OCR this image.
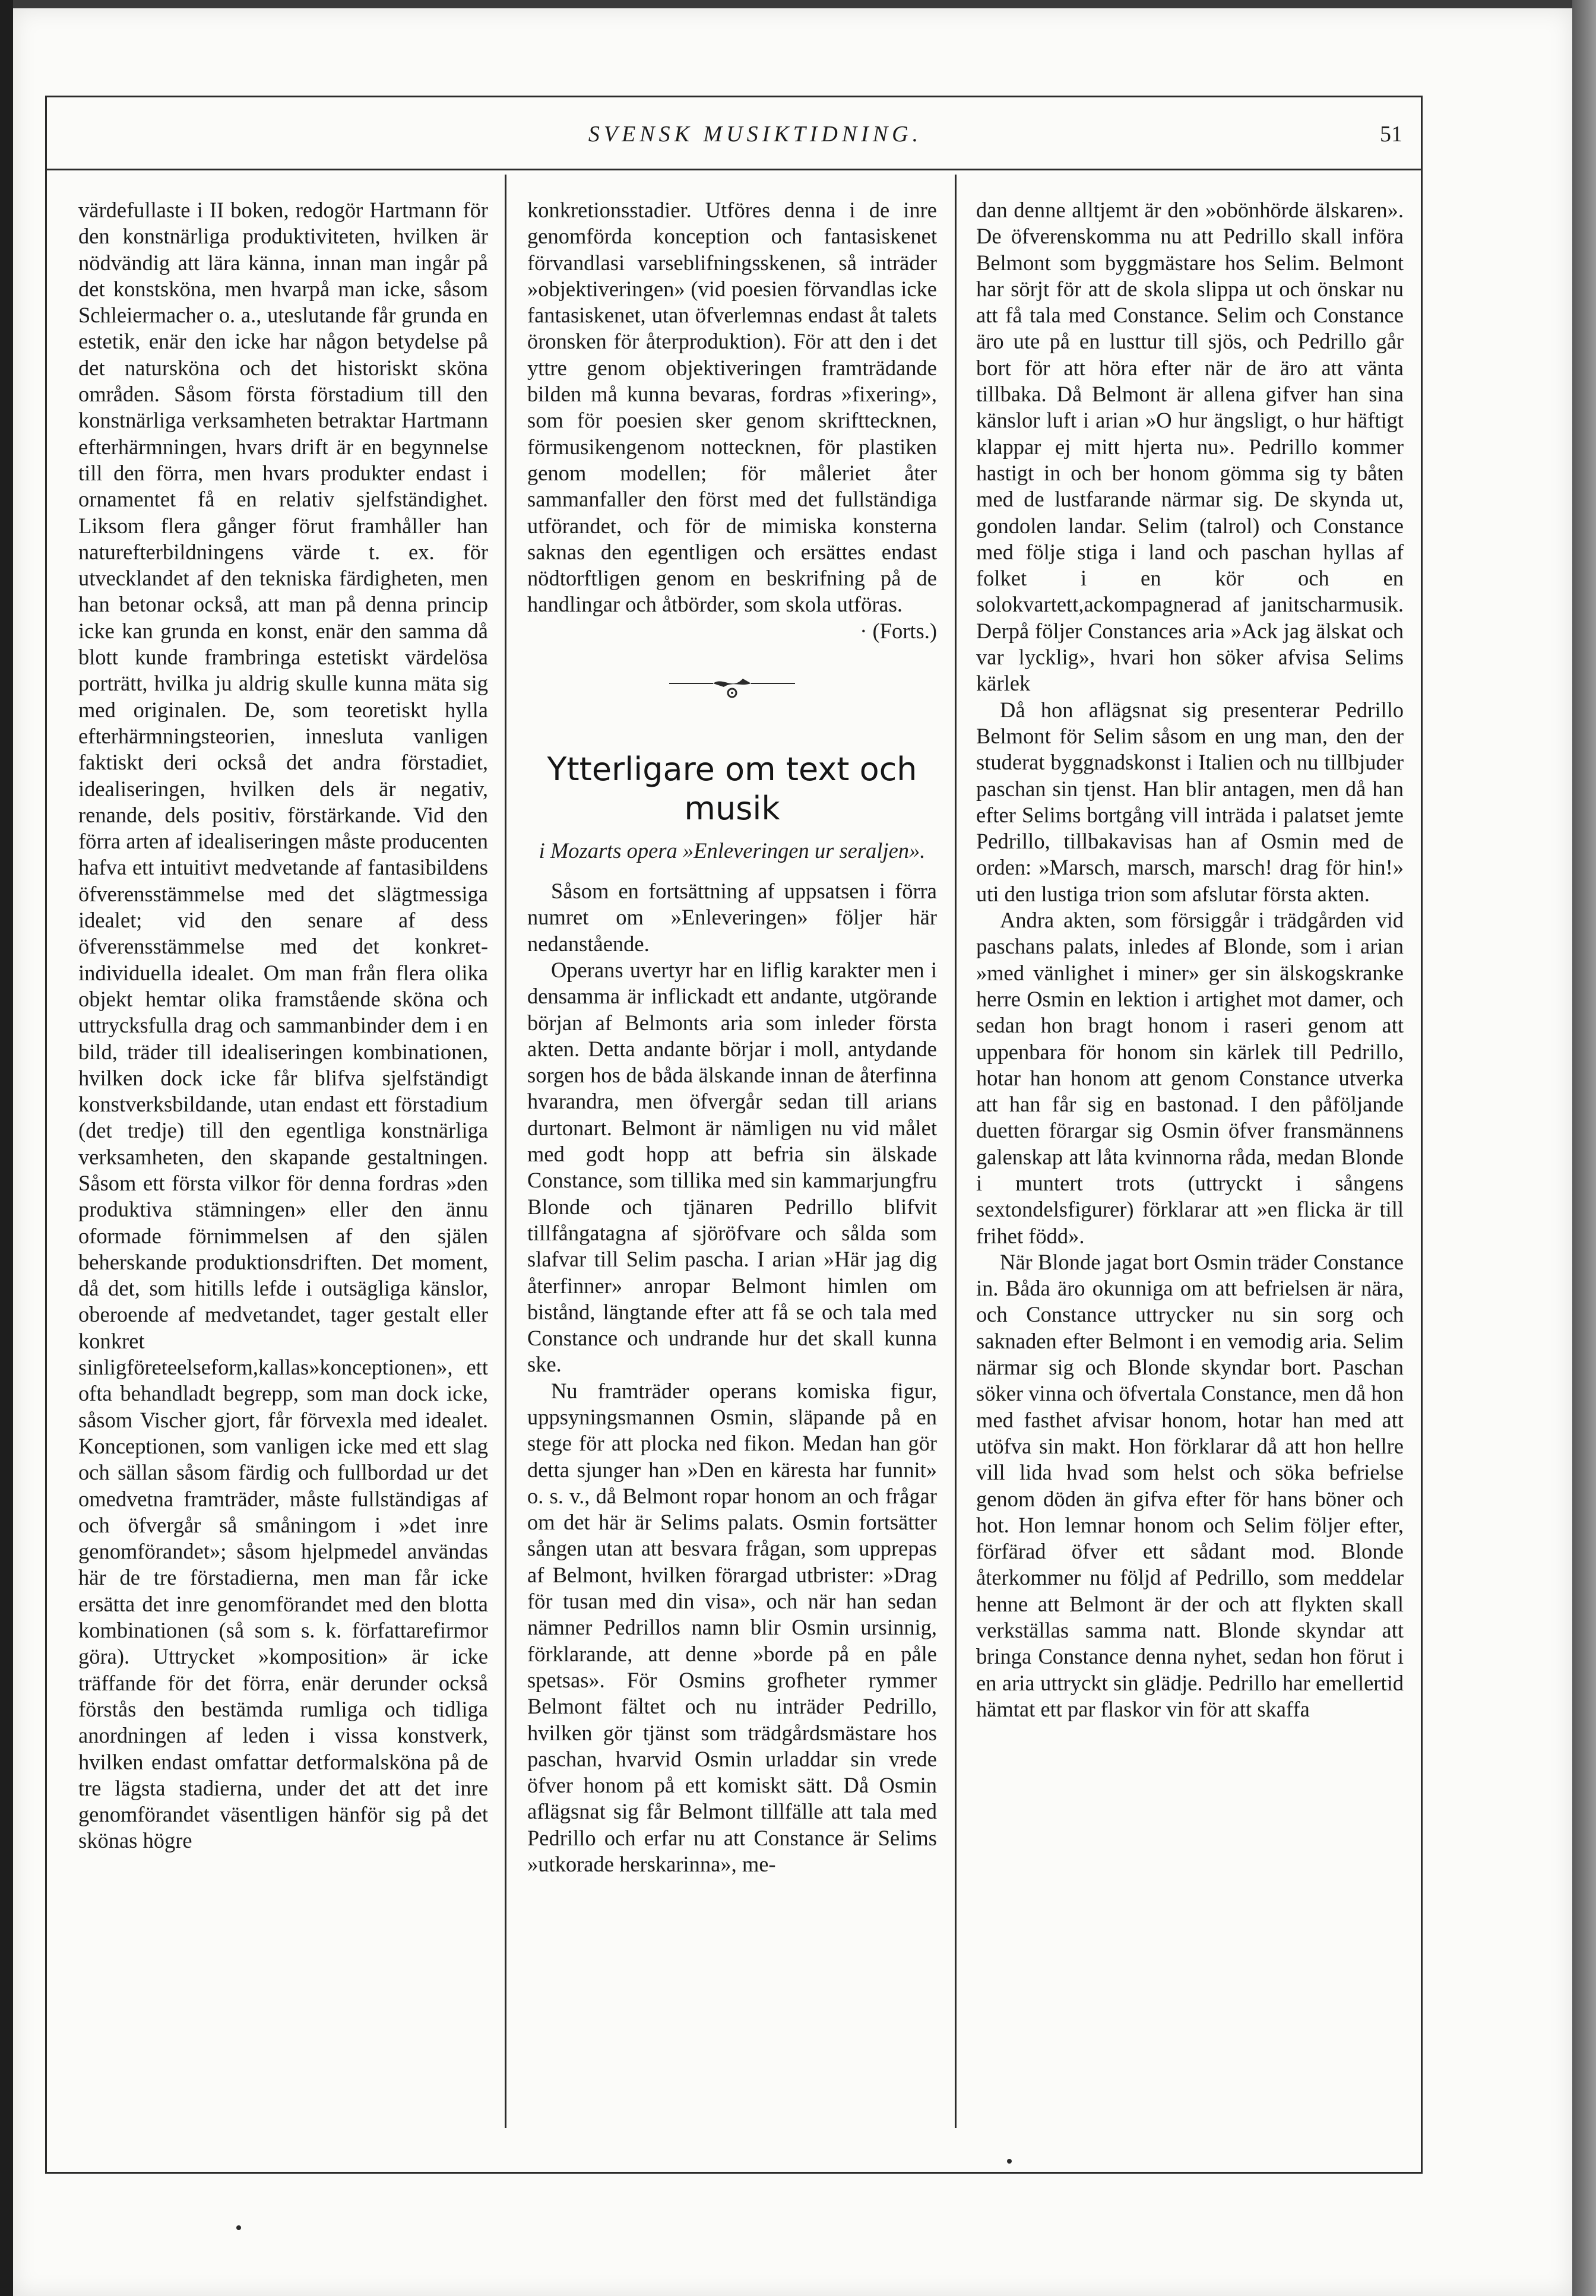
SVENSK MUSIKTIDNING.	51

värdefullaste i II boken, redogör Hartmann för den konstnärliga produktiviteten, hvilken är nödvändig att lära känna, innan man ingår på det konstsköna, men hvarpå man icke, såsom Schleiermacher o. a., uteslutande får grunda en estetik, enär den icke har någon betydelse på det natursköna och det historiskt sköna områden. Såsom första förstadium till den konstnärliga verksamheten betraktar Hartmann efterhärmningen, hvars drift är en begynnelse till den förra, men hvars produkter endast i ornamentet få en relativ sjelfständighet. Liksom flera gånger förut framhåller han naturefterbildningens värde t. ex. för utvecklandet af den tekniska färdigheten, men han betonar också, att man på denna princip icke kan grunda en konst, enär den samma då blott kunde frambringa estetiskt värdelösa porträtt, hvilka ju aldrig skulle kunna mäta sig med originalen. De, som teoretiskt hylla efterhärmningsteorien, innesluta vanligen faktiskt deri också det andra förstadiet, idealiseringen, hvilken dels är negativ, renande, dels positiv, förstärkande. Vid den förra arten af idealiseringen måste producenten hafva ett intuitivt medvetande af fantasibildens öfverensstämmelse med det slägtmessiga idealet; vid den senare af dess öfverensstämmelse med det konkret-individuella idealet. Om man från flera olika objekt hemtar olika framstående sköna och uttrycksfulla drag och sammanbinder dem i en bild, träder till idealiseringen kombinationen, hvilken dock icke får blifva sjelfständigt konstverksbildande, utan endast ett förstadium (det tredje) till den egentliga konstnärliga verksamheten, den skapande gestaltningen. Såsom ett första vilkor för denna fordras »den produktiva stämningen» eller den ännu oformade förnimmelsen af den själen beherskande produktionsdriften. Det moment, då det, som hitills lefde i outsägliga känslor, oberoende af medvetandet, tager gestalt eller konkret sinligföreteelseform,kallas»konceptionen», ett ofta behandladt begrepp, som man dock icke, såsom Vischer gjort, får förvexla med idealet. Konceptionen, som vanligen icke med ett slag och sällan såsom färdig och fullbordad ur det omedvetna framträder, måste fullständigas af och öfvergår så småningom i »det inre genomförandet»; såsom hjelpmedel användas här de tre förstadierna, men man får icke ersätta det inre genomförandet med den blotta kombinationen (så som s. k. författarefirmor göra). Uttrycket »komposition» är icke träffande för det förra, enär derunder också förstås den bestämda rumliga och tidliga anordningen af leden i vissa konstverk, hvilken endast omfattar detformalsköna på de tre lägsta stadierna, under det att det inre genomförandet väsentligen hänför sig på det skönas högre

konkretionsstadier. Utföres denna i de inre genomförda konception och fantasiskenet förvandlasi varseblifningsskenen, så inträder »objektiveringen» (vid poesien förvandlas icke fantasiskenet, utan öfverlemnas endast åt talets öronsken för återproduktion). För att den i det yttre genom objektiveringen framträdande bilden må kunna bevaras, fordras »fixering», som för poesien sker genom skrifttecknen, förmusikengenom nottecknen, för plastiken genom modellen; för måleriet åter sammanfaller den först med det fullständiga utförandet, och för de mimiska konsterna saknas den egentligen och ersättes endast nödtorftligen genom en beskrifning på de handlingar och åtbörder, som skola utföras.

· (Forts.)
Ytterligare om text och musik
i Mozarts opera »Enleveringen ur seraljen».

Såsom en fortsättning af uppsatsen i förra numret om »Enleveringen» följer här nedanstående.

Operans uvertyr har en liflig karakter men i densamma är inflickadt ett andante, utgörande början af Belmonts aria som inleder första akten. Detta andante börjar i moll, antydande sorgen hos de båda älskande innan de återfinna hvarandra, men öfvergår sedan till arians durtonart. Belmont är nämligen nu vid målet med godt hopp att befria sin älskade Constance, som tillika med sin kammarjungfru Blonde och tjänaren Pedrillo blifvit tillfångatagna af sjöröfvare och sålda som slafvar till Selim pascha. I arian »Här jag dig återfinner» anropar Belmont himlen om bistånd, längtande efter att få se och tala med Constance och undrande hur det skall kunna ske.

Nu framträder operans komiska figur, uppsyningsmannen Osmin, släpande på en stege för att plocka ned fikon. Medan han gör detta sjunger han »Den en käresta har funnit» o. s. v., då Belmont ropar honom an och frågar om det här är Selims palats. Osmin fortsätter sången utan att besvara frågan, som upprepas af Belmont, hvilken förargad utbrister: »Drag för tusan med din visa», och när han sedan nämner Pedrillos namn blir Osmin ursinnig, förklarande, att denne »borde på en påle spetsas». För Osmins grofheter rymmer Belmont fältet och nu inträder Pedrillo, hvilken gör tjänst som trädgårdsmästare hos paschan, hvarvid Osmin urladdar sin vrede öfver honom på ett komiskt sätt. Då Osmin aflägsnat sig får Belmont tillfälle att tala med Pedrillo och erfar nu att Constance är Selims »utkorade herskarinna», me-

dan denne alltjemt är den »obönhörde älskaren». De öfverenskomma nu att Pedrillo skall införa Belmont som byggmästare hos Selim. Belmont har sörjt för att de skola slippa ut och önskar nu att få tala med Constance. Selim och Constance äro ute på en lusttur till sjös, och Pedrillo går bort för att höra efter när de äro att vänta tillbaka. Då Belmont är allena gifver han sina känslor luft i arian »O hur ängsligt, o hur häftigt klappar ej mitt hjerta nu». Pedrillo kommer hastigt in och ber honom gömma sig ty båten med de lustfarande närmar sig. De skynda ut, gondolen landar. Selim (talrol) och Constance med följe stiga i land och paschan hyllas af folket i en kör och en solokvartett,ackompagnerad af janitscharmusik. Derpå följer Constances aria »Ack jag älskat och var lycklig», hvari hon söker afvisa Selims kärlek

Då hon aflägsnat sig presenterar Pedrillo Belmont för Selim såsom en ung man, den der studerat byggnadskonst i Italien och nu tillbjuder paschan sin tjenst. Han blir antagen, men då han efter Selims bortgång vill inträda i palatset jemte Pedrillo, tillbakavisas han af Osmin med de orden: »Marsch, marsch, marsch! drag för hin!» uti den lustiga trion som afslutar första akten.

Andra akten, som försiggår i trädgården vid paschans palats, inledes af Blonde, som i arian »med vänlighet i miner» ger sin älskogskranke herre Osmin en lektion i artighet mot damer, och sedan hon bragt honom i raseri genom att uppenbara för honom sin kärlek till Pedrillo, hotar han honom att genom Constance utverka att han får sig en bastonad. I den påföljande duetten förargar sig Osmin öfver fransmännens galenskap att låta kvinnorna råda, medan Blonde i muntert trots (uttryckt i sångens sextondelsfigurer) förklarar att »en flicka är till frihet född».

När Blonde jagat bort Osmin träder Constance in. Båda äro okunniga om att befrielsen är nära, och Constance uttrycker nu sin sorg och saknaden efter Belmont i en vemodig aria. Selim närmar sig och Blonde skyndar bort. Paschan söker vinna och öfvertala Constance, men då hon med fasthet afvisar honom, hotar han med att utöfva sin makt. Hon förklarar då att hon hellre vill lida hvad som helst och söka befrielse genom döden än gifva efter för hans böner och hot. Hon lemnar honom och Selim följer efter, förfärad öfver ett sådant mod. Blonde återkommer nu följd af Pedrillo, som meddelar henne att Belmont är der och att flykten skall verkställas samma natt. Blonde skyndar att bringa Constance denna nyhet, sedan hon förut i en aria uttryckt sin glädje. Pedrillo har emellertid hämtat ett par flaskor vin för att skaffa
